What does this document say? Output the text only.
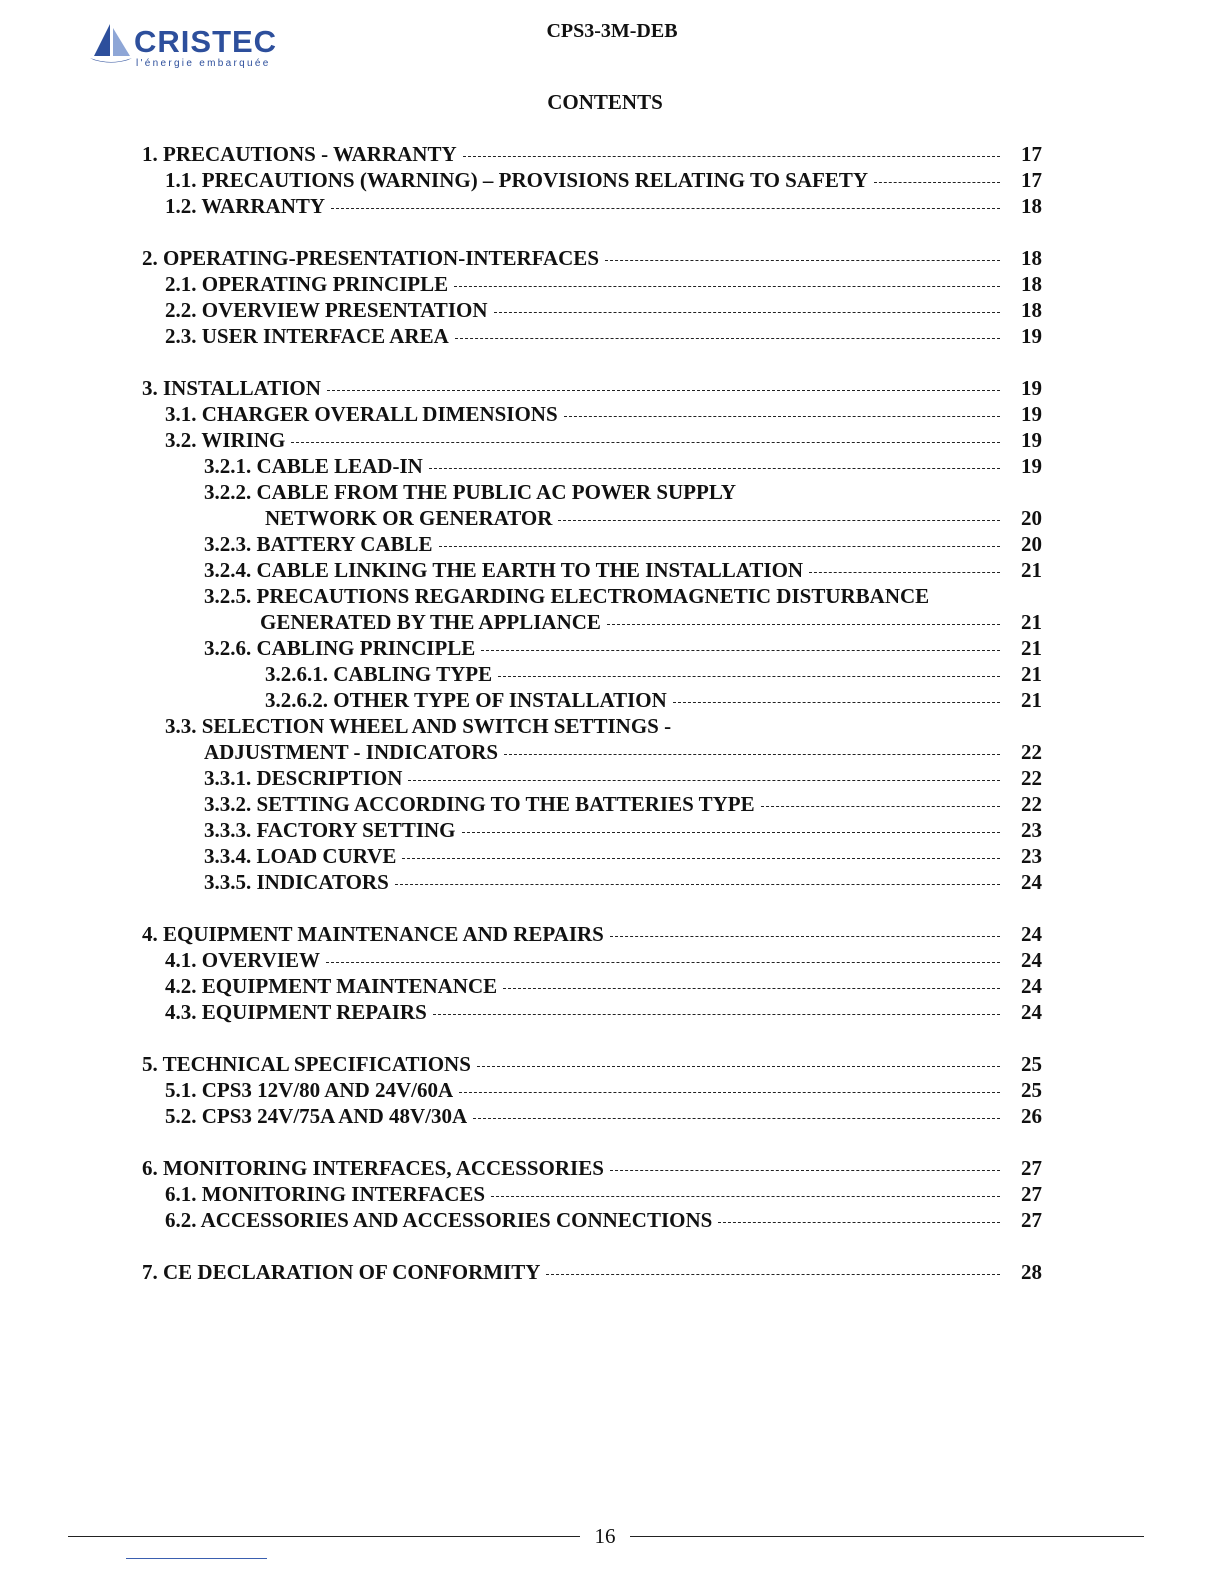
CRISTEC
l'énergie embarquée
CPS3-3M-DEB
CONTENTS
1. PRECAUTIONS - WARRANTY	17
1.1. PRECAUTIONS (WARNING) – PROVISIONS RELATING TO SAFETY	17
1.2. WARRANTY	18
2. OPERATING-PRESENTATION-INTERFACES	18
2.1. OPERATING PRINCIPLE	18
2.2. OVERVIEW PRESENTATION	18
2.3. USER INTERFACE AREA	19
3. INSTALLATION	19
3.1. CHARGER OVERALL DIMENSIONS	19
3.2. WIRING	19
3.2.1. CABLE LEAD-IN	19
3.2.2. CABLE FROM THE PUBLIC AC POWER SUPPLY
NETWORK OR GENERATOR	20
3.2.3. BATTERY CABLE	20
3.2.4. CABLE LINKING THE EARTH TO THE INSTALLATION	21
3.2.5. PRECAUTIONS REGARDING ELECTROMAGNETIC DISTURBANCE
GENERATED BY THE APPLIANCE	21
3.2.6. CABLING PRINCIPLE	21
3.2.6.1. CABLING TYPE	21
3.2.6.2. OTHER TYPE OF INSTALLATION	21
3.3. SELECTION WHEEL AND SWITCH SETTINGS -
ADJUSTMENT - INDICATORS	22
3.3.1. DESCRIPTION	22
3.3.2. SETTING ACCORDING TO THE BATTERIES TYPE	22
3.3.3. FACTORY SETTING	23
3.3.4. LOAD CURVE	23
3.3.5. INDICATORS	24
4. EQUIPMENT MAINTENANCE AND REPAIRS	24
4.1. OVERVIEW	24
4.2. EQUIPMENT MAINTENANCE	24
4.3. EQUIPMENT REPAIRS	24
5. TECHNICAL SPECIFICATIONS	25
5.1. CPS3 12V/80 AND 24V/60A	25
5.2. CPS3 24V/75A AND 48V/30A	26
6. MONITORING INTERFACES, ACCESSORIES	27
6.1. MONITORING INTERFACES	27
6.2. ACCESSORIES AND ACCESSORIES CONNECTIONS	27
7. CE DECLARATION OF CONFORMITY	28
16
